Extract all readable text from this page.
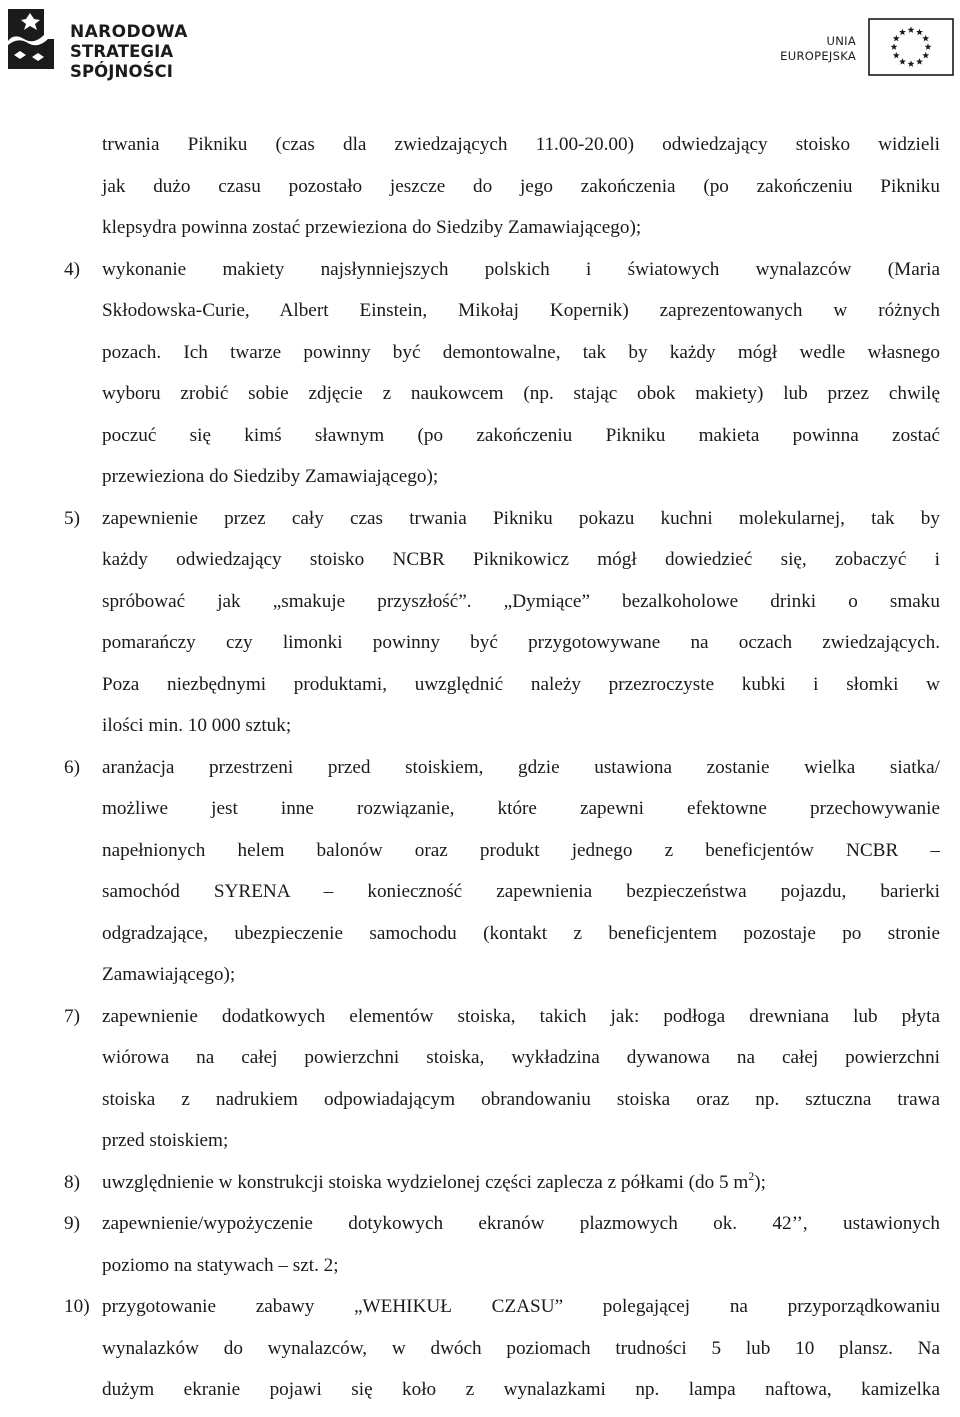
NARODOWA
STRATEGIA SPÓJNOŚCI
UNIA
EUROPEJSKA
trwania Pikniku (czas dla zwiedzających 11.00-20.00) odwiedzający stoisko widzieli
jak dużo czasu pozostało jeszcze do jego zakończenia (po zakończeniu Pikniku
klepsydra powinna zostać przewieziona do Siedziby Zamawiającego);
4) wykonanie makiety najsłynniejszych polskich i światowych wynalazców (Maria
Skłodowska-Curie, Albert Einstein, Mikołaj Kopernik) zaprezentowanych w różnych
pozach. Ich twarze powinny być demontowalne, tak by każdy mógł wedle własnego
wyboru zrobić sobie zdjęcie z naukowcem (np. stając obok makiety) lub przez chwilę
poczuć się kimś sławnym (po zakończeniu Pikniku makieta powinna zostać
przewieziona do Siedziby Zamawiającego);
5) zapewnienie przez cały czas trwania Pikniku pokazu kuchni molekularnej, tak by
każdy odwiedzający stoisko NCBR Piknikowicz mógł dowiedzieć się, zobaczyć i
spróbować jak „smakuje przyszłość”. „Dymiące” bezalkoholowe drinki o smaku
pomarańczy czy limonki powinny być przygotowywane na oczach zwiedzających.
Poza niezbędnymi produktami, uwzględnić należy przezroczyste kubki i słomki w
ilości min. 10 000 sztuk;
6) aranżacja przestrzeni przed stoiskiem, gdzie ustawiona zostanie wielka siatka/
możliwe jest inne rozwiązanie, które zapewni efektowne przechowywanie
napełnionych helem balonów oraz produkt jednego z beneficjentów NCBR –
samochód SYRENA – konieczność zapewnienia bezpieczeństwa pojazdu, barierki
odgradzające, ubezpieczenie samochodu (kontakt z beneficjentem pozostaje po stronie
Zamawiającego);
7) zapewnienie dodatkowych elementów stoiska, takich jak: podłoga drewniana lub płyta
wiórowa na całej powierzchni stoiska, wykładzina dywanowa na całej powierzchni
stoiska z nadrukiem odpowiadającym obrandowaniu stoiska oraz np. sztuczna trawa
przed stoiskiem;
8) uwzględnienie w konstrukcji stoiska wydzielonej części zaplecza z półkami (do 5 $m^2$);
9) zapewnienie/wypożyczenie dotykowych ekranów plazmowych ok. 42’’, ustawionych
poziomo na statywach – szt. 2;
10) przygotowanie zabawy „WEHIKUŁ CZASU” polegającej na przyporządkowaniu
wynalazków do wynalazców, w dwóch poziomach trudności 5 lub 10 plansz. Na
dużym ekranie pojawi się koło z wynalazkami np. lampa naftowa, kamizelka
